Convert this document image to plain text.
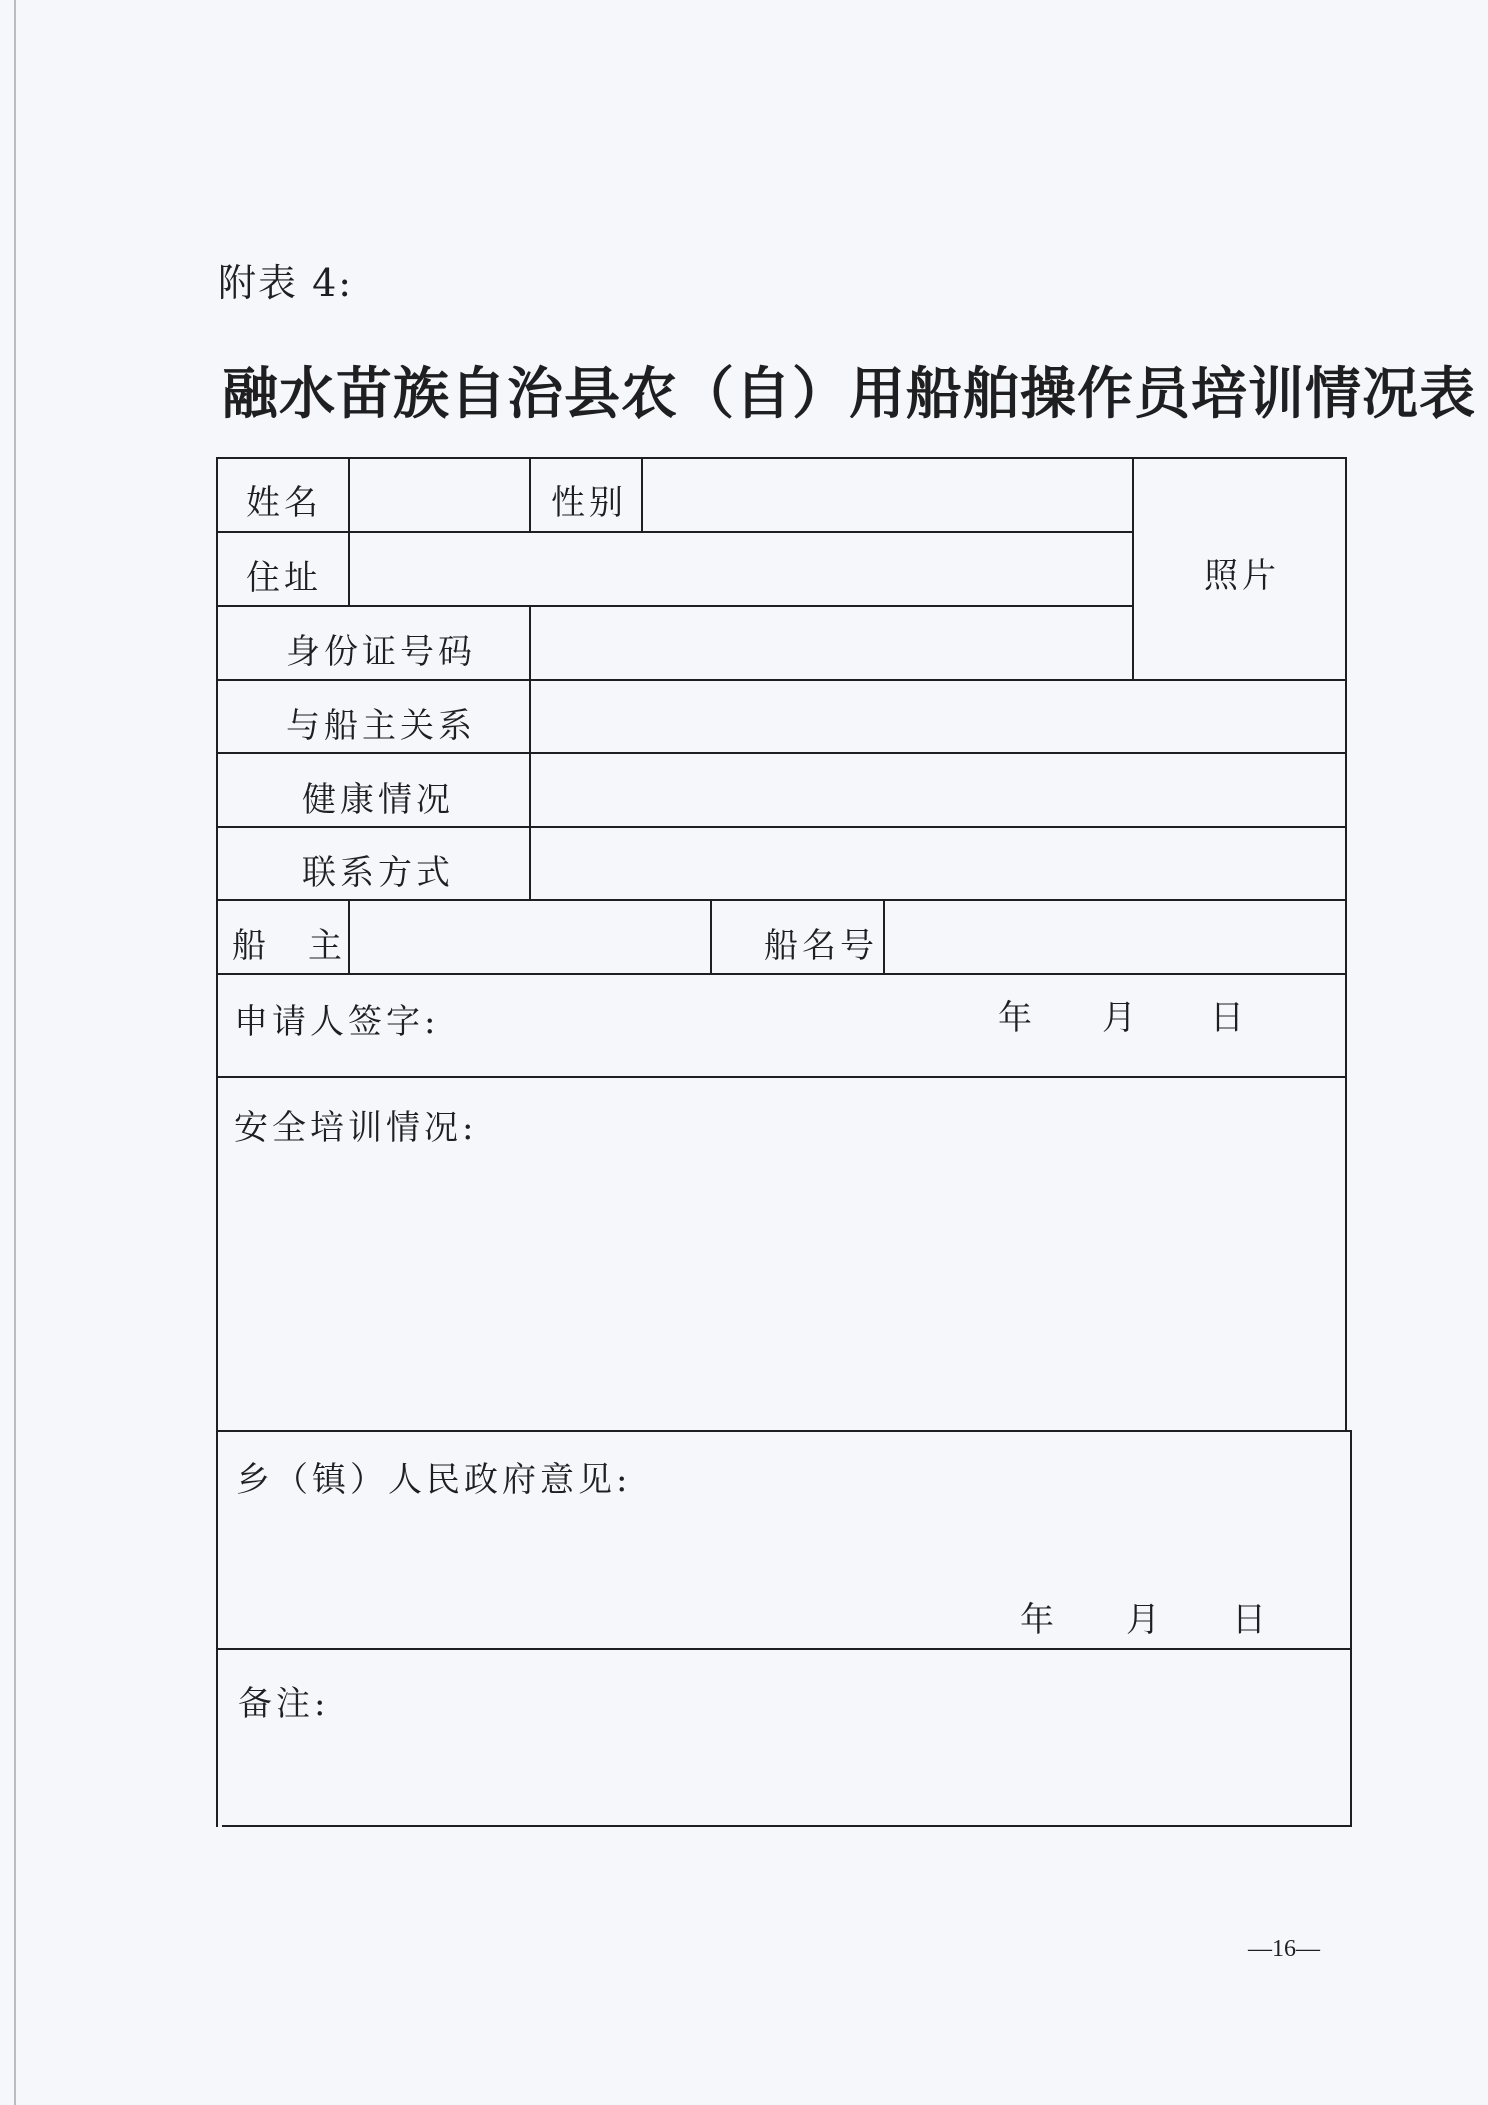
附表 4:
融水苗族自治县农（自）用船舶操作员培训情况表
姓名	性别
照片
住址
身份证号码
与船主关系
健康情况
联系方式
船　主	船名号
申请人签字:	年 月 日
安全培训情况:
乡（镇）人民政府意见:
年 月 日
备注:
—16—
